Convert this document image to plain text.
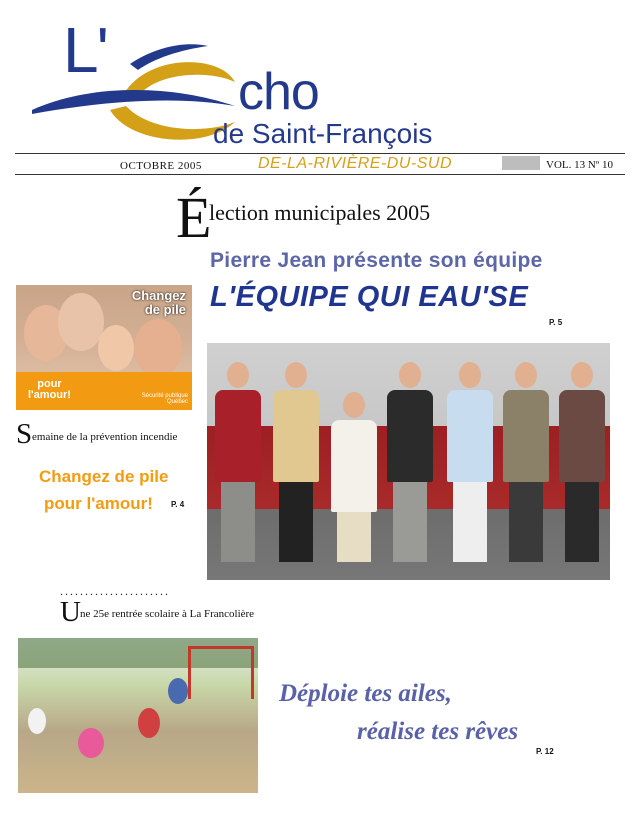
L'
cho
de Saint-François
OCTOBRE 2005	DE-LA-RIVIÈRE-DU-SUD	VOL. 13 Nº 10
É
lection municipales 2005
Pierre Jean présente son équipe
L'ÉQUIPE QUI EAU'SE
P. 5
Changez
de pile
pour
l'amour!	Sécurité publique
Québec
S emaine de la prévention incendie
Changez de pile
pour l'amour! P. 4
......................
U ne 25e rentrée scolaire à La Francolière
Déploie tes ailes,
réalise tes rêves
P. 12
